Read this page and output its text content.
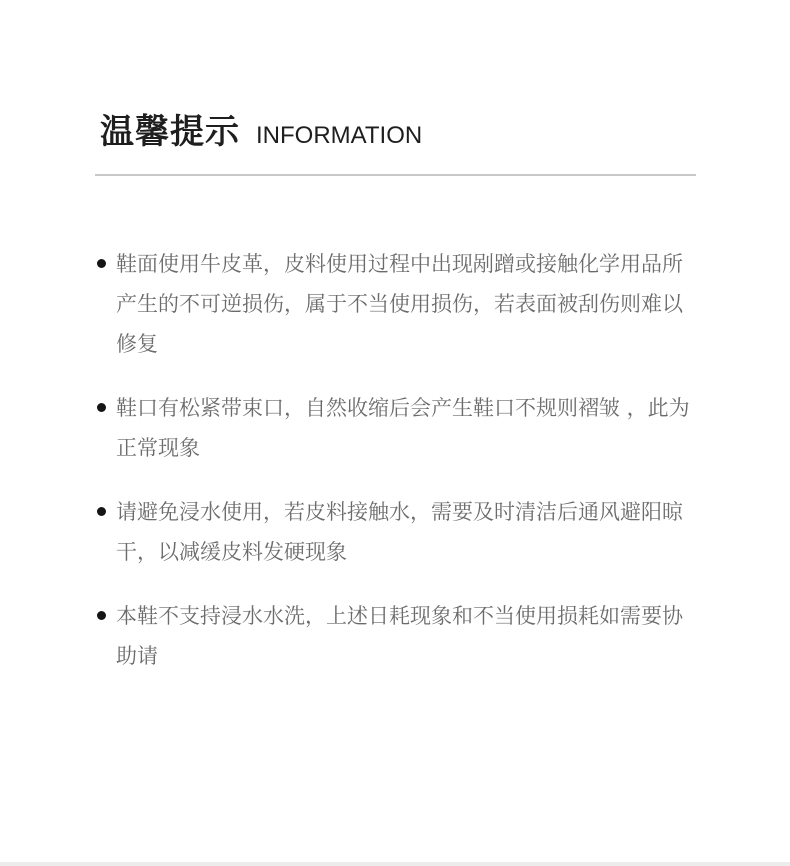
温馨提示 INFORMATION
鞋面使用牛皮革，皮料使用过程中出现剐蹭或接触化学用品所产生的不可逆损伤，属于不当使用损伤，若表面被刮伤则难以修复
鞋口有松紧带束口，自然收缩后会产生鞋口不规则褶皱 ，此为正常现象
请避免浸水使用，若皮料接触水，需要及时清洁后通风避阳晾干，以减缓皮料发硬现象
本鞋不支持浸水水洗，上述日耗现象和不当使用损耗如需要协助请
